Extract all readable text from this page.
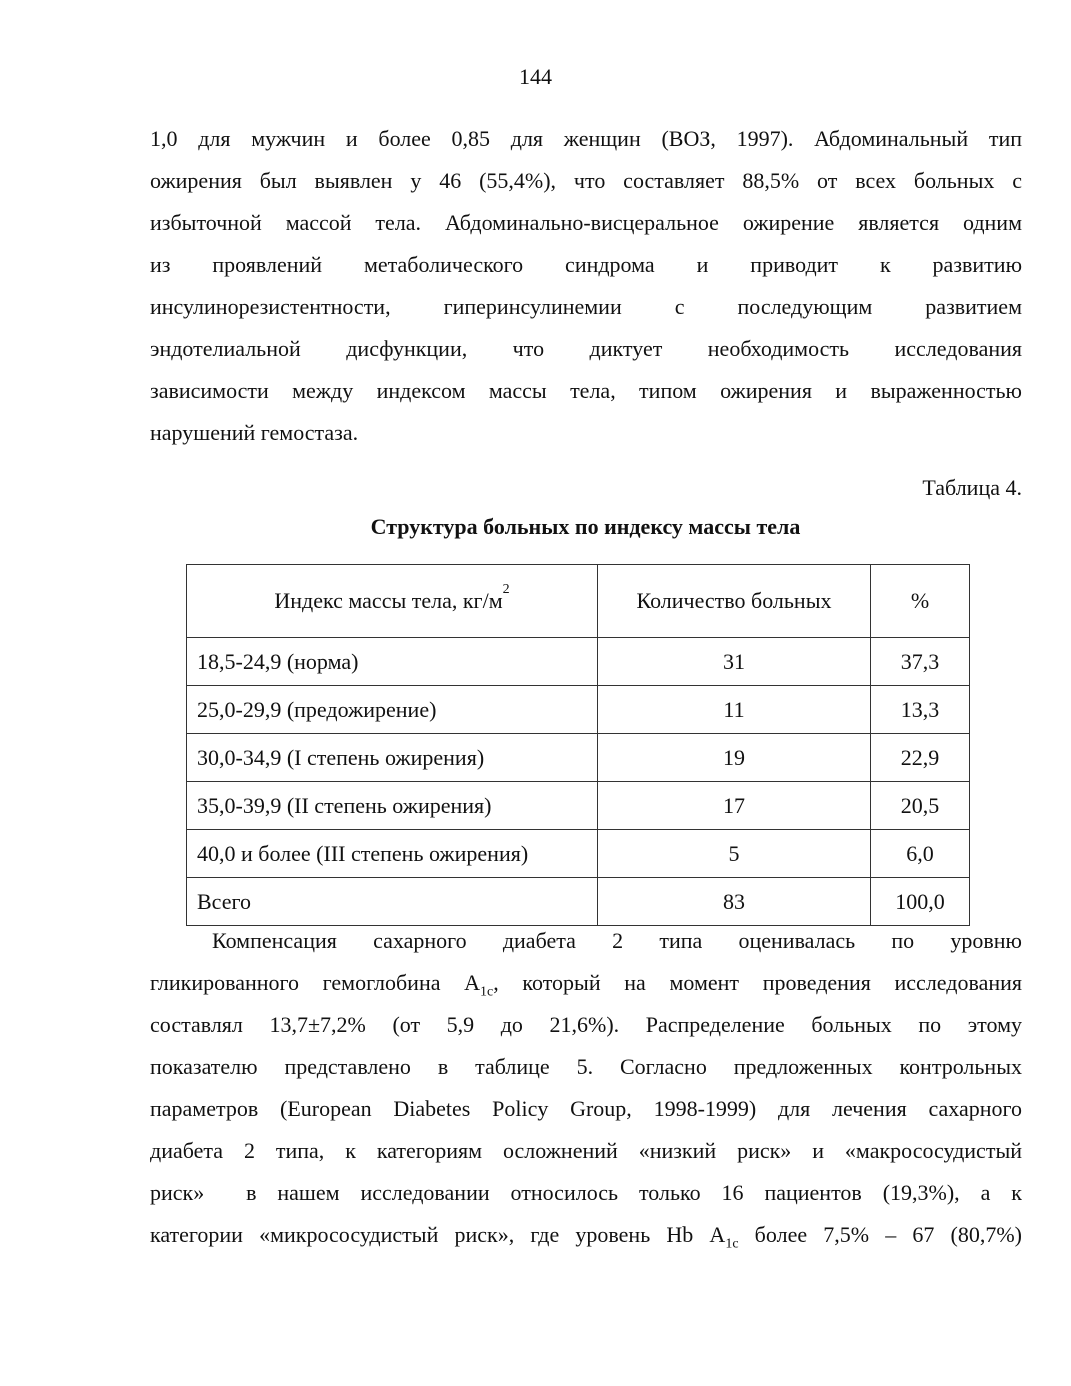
144
1,0 для мужчин и более 0,85 для женщин (ВОЗ, 1997). Абдоминальный тип
ожирения был выявлен у 46 (55,4%), что составляет 88,5% от всех больных с
избыточной массой тела. Абдоминально-висцеральное ожирение является одним
из проявлений метаболического синдрома и приводит к развитию
инсулинорезистентности, гиперинсулинемии с последующим развитием
эндотелиальной дисфункции, что диктует необходимость исследования
зависимости между индексом массы тела, типом ожирения и выраженностью
нарушений гемостаза.
Таблица 4.
Структура больных по индексу массы тела
Индекс массы тела, $кг/м^2$	Количество больных	%
18,5-24,9 (норма)	31	37,3
25,0-29,9 (предожирение)	11	13,3
30,0-34,9 (I степень ожирения)	19	22,9
35,0-39,9 (II степень ожирения)	17	20,5
40,0 и более (III степень ожирения)	5	6,0
Всего	83	100,0
Компенсация сахарного диабета 2 типа оценивалась по уровню
гликированного гемоглобина $А_{1c}$, который на момент проведения исследования
составлял 13,7±7,2% (от 5,9 до 21,6%). Распределение больных по этому
показателю представлено в таблице 5. Согласно предложенных контрольных
параметров (European Diabetes Policy Group, 1998-1999) для лечения сахарного
диабета 2 типа, к категориям осложнений «низкий риск» и «макрососудистый
риск»  в нашем исследовании относилось только 16 пациентов (19,3%), а к
категории «микрососудистый риск», где уровень Hb $А_{1c}$ более 7,5% – 67 (80,7%)
